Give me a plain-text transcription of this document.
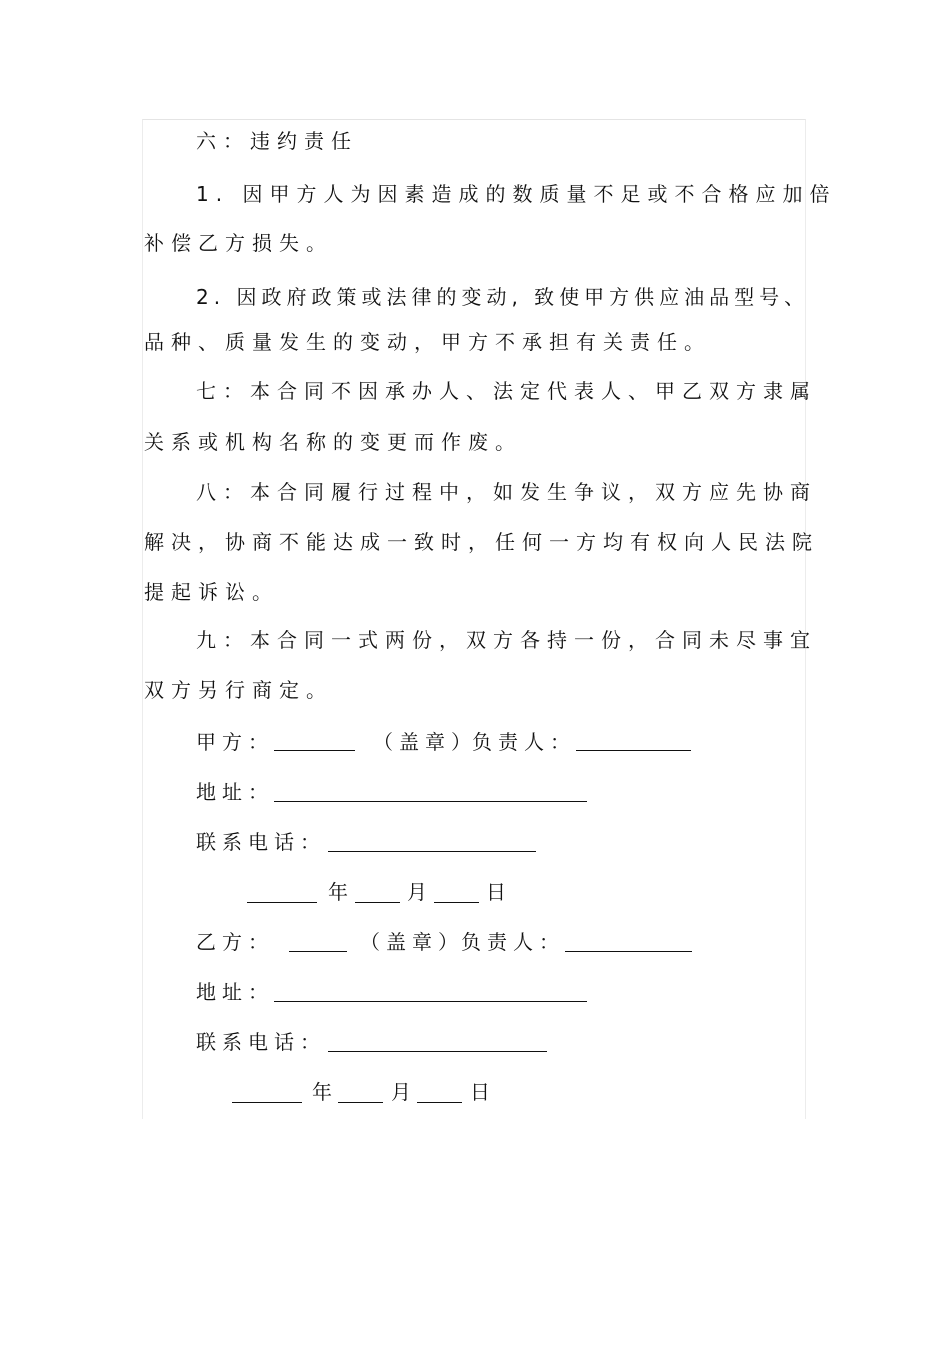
六：违约责任
1. 因甲方人为因素造成的数质量不足或不合格应加倍
补偿乙方损失。
2. 因政府政策或法律的变动, 致使甲方供应油品型号、
品种、质量发生的变动，甲方不承担有关责任。
七：本合同不因承办人、法定代表人、甲乙双方隶属
关系或机构名称的变更而作废。
八：本合同履行过程中，如发生争议，双方应先协商
解决，协商不能达成一致时，任何一方均有权向人民法院
提起诉讼。
九：本合同一式两份，双方各持一份，合同未尽事宜
双方另行商定。
甲方：	（盖章）
负责人：
地址：
联系电话：
年	月	日
乙方：	（盖章）
负责人：
地址：
联系电话：
年	月	日
